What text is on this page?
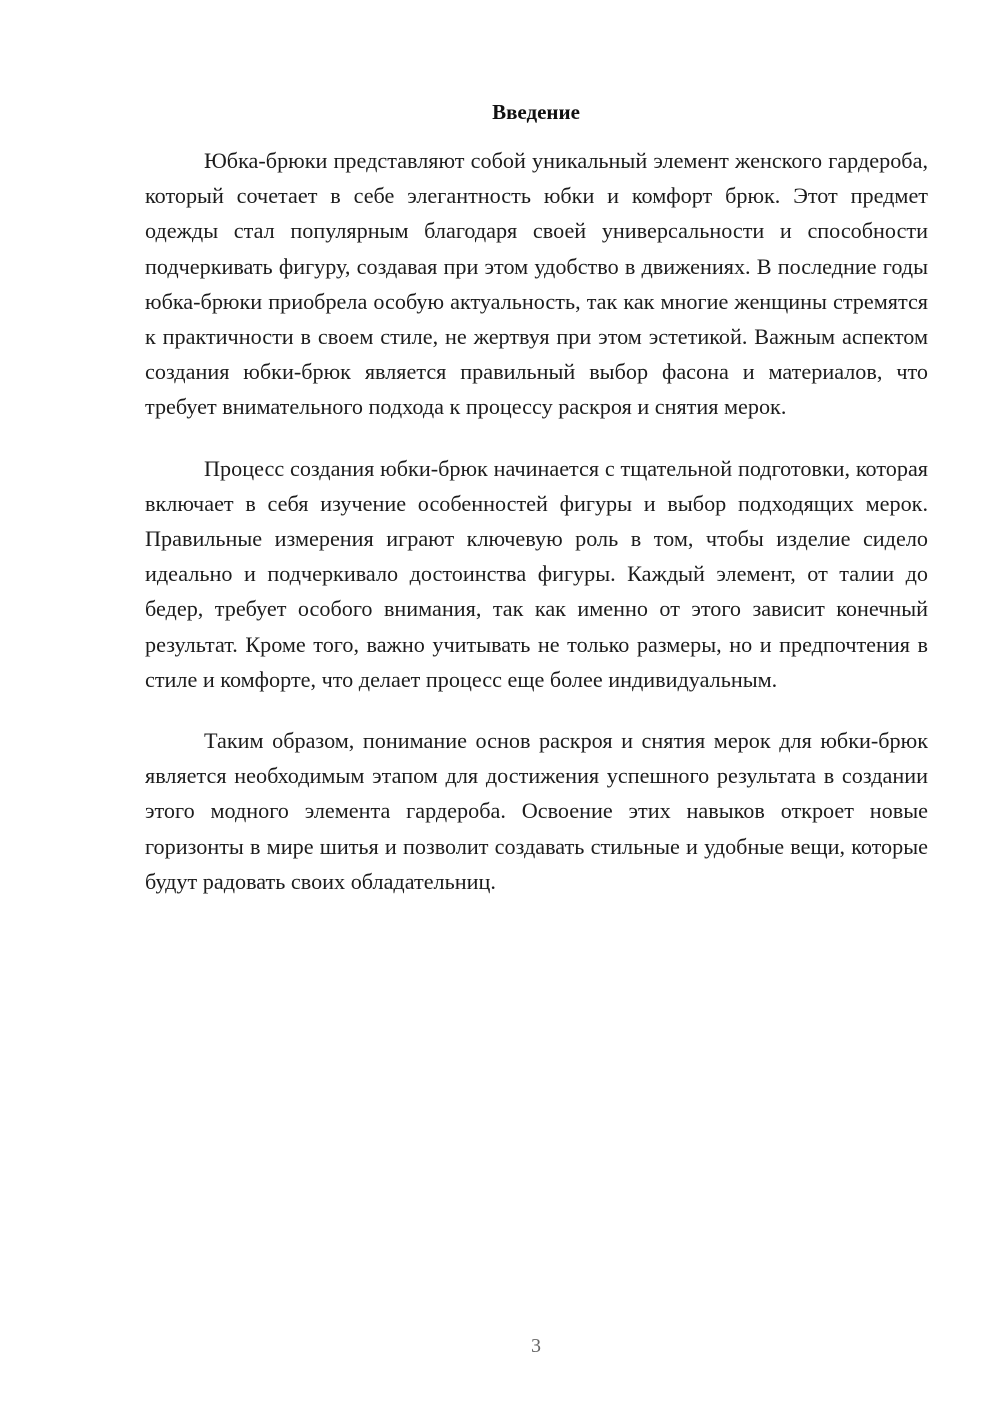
Введение

Юбка-брюки представляют собой уникальный элемент женского гардероба, который сочетает в себе элегантность юбки и комфорт брюк. Этот предмет одежды стал популярным благодаря своей универсальности и способности подчеркивать фигуру, создавая при этом удобство в движениях. В последние годы юбка-брюки приобрела особую актуальность, так как многие женщины стремятся к практичности в своем стиле, не жертвуя при этом эстетикой. Важным аспектом создания юбки-брюк является правильный выбор фасона и материалов, что требует внимательного подхода к процессу раскроя и снятия мерок.

Процесс создания юбки-брюк начинается с тщательной подготовки, которая включает в себя изучение особенностей фигуры и выбор подходящих мерок. Правильные измерения играют ключевую роль в том, чтобы изделие сидело идеально и подчеркивало достоинства фигуры. Каждый элемент, от талии до бедер, требует особого внимания, так как именно от этого зависит конечный результат. Кроме того, важно учитывать не только размеры, но и предпочтения в стиле и комфорте, что делает процесс еще более индивидуальным.

Таким образом, понимание основ раскроя и снятия мерок для юбки-брюк является необходимым этапом для достижения успешного результата в создании этого модного элемента гардероба. Освоение этих навыков откроет новые горизонты в мире шитья и позволит создавать стильные и удобные вещи, которые будут радовать своих обладательниц.

3
